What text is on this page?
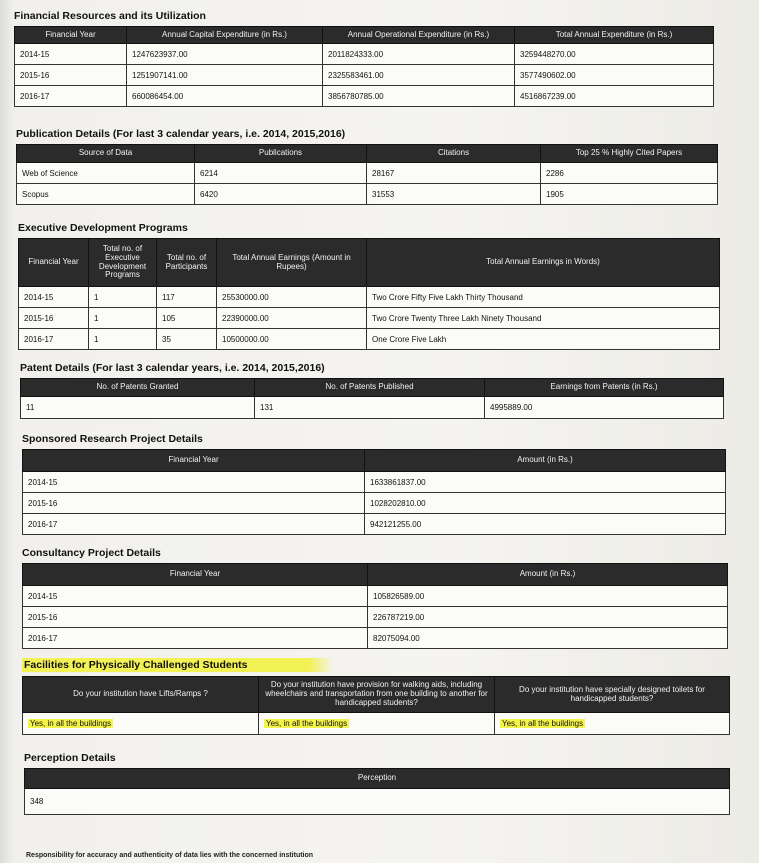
Financial Resources and its Utilization
Financial Year	Annual Capital Expenditure (in Rs.)	Annual Operational Expenditure (in Rs.)	Total Annual Expenditure (in Rs.)
2014-15	1247623937.00	2011824333.00	3259448270.00
2015-16	1251907141.00	2325583461.00	3577490602.00
2016-17	660086454.00	3856780785.00	4516867239.00
Publication Details (For last 3 calendar years, i.e. 2014, 2015,2016)
Source of Data	Publications	Citations	Top 25 % Highly Cited Papers
Web of Science	6214	28167	2286
Scopus	6420	31553	1905
Executive Development Programs
Financial Year	Total no. of Executive Development Programs	Total no. of Participants	Total Annual Earnings (Amount in Rupees)	Total Annual Earnings in Words)
2014-15	1	117	25530000.00	Two Crore Fifty Five Lakh Thirty Thousand
2015-16	1	105	22390000.00	Two Crore Twenty Three Lakh Ninety Thousand
2016-17	1	35	10500000.00	One Crore Five Lakh
Patent Details (For last 3 calendar years, i.e. 2014, 2015,2016)
No. of Patents Granted	No. of Patents Published	Earnings from Patents (in Rs.)
11	131	4995889.00
Sponsored Research Project Details
Financial Year	Amount (in Rs.)
2014-15	1633861837.00
2015-16	1028202810.00
2016-17	942121255.00
Consultancy Project Details
Financial Year	Amount (in Rs.)
2014-15	105826589.00
2015-16	226787219.00
2016-17	82075094.00
Facilities for Physically Challenged Students
Do your institution have Lifts/Ramps ?	Do your institution have provision for walking aids, including wheelchairs and transportation from one building to another for handicapped students?	Do your institution have specially designed toilets for handicapped students?
Yes, in all the buildings	Yes, in all the buildings	Yes, in all the buildings
Perception Details
Perception
348
Responsibility for accuracy and authenticity of data lies with the concerned institution
